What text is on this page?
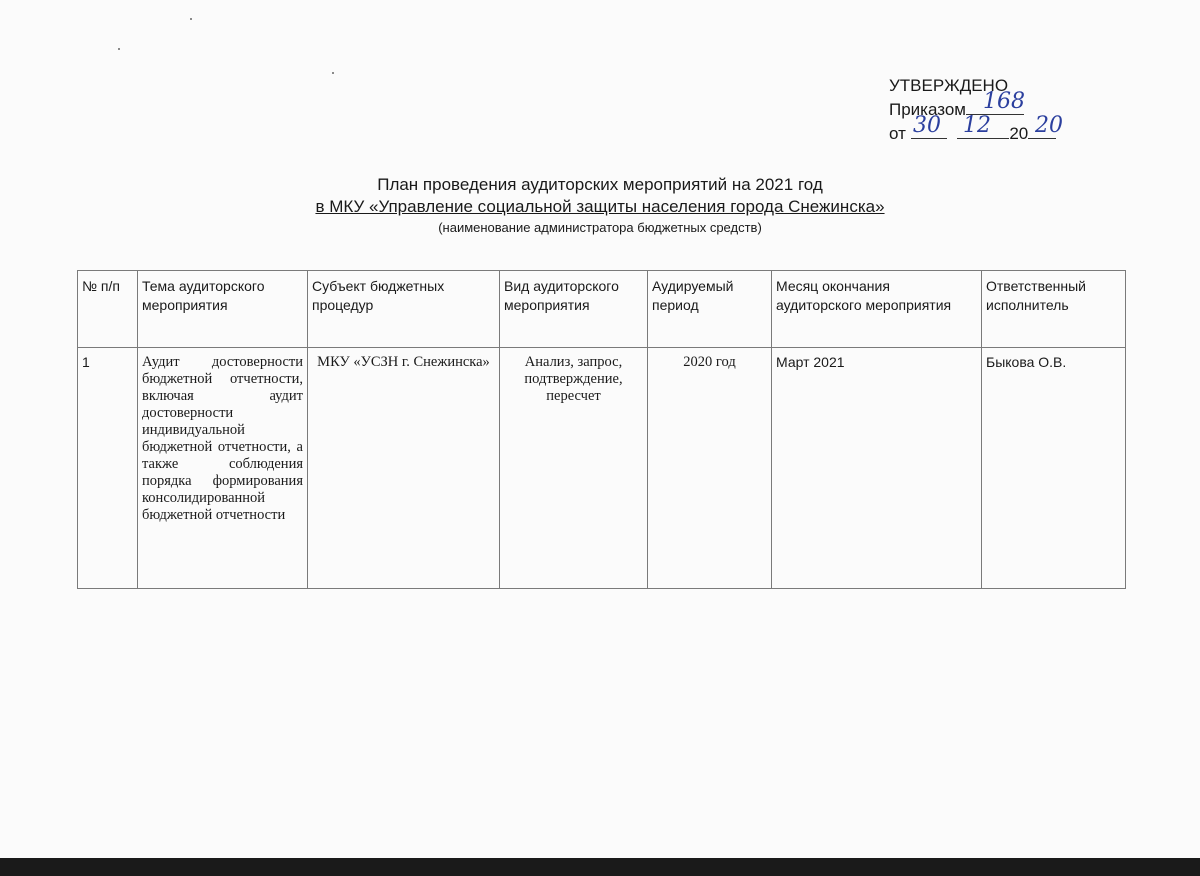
УТВЕРЖДЕНО
Приказом 168
от	20
30 12 20
План проведения аудиторских мероприятий на 2021 год
в МКУ «Управление социальной защиты населения города Снежинска»
(наименование администратора бюджетных средств)
№ п/п	Тема аудиторского мероприятия	Субъект бюджетных процедур	Вид аудиторского мероприятия	Аудируемый период	Месяц окончания аудиторского мероприятия	Ответственный исполнитель
1	Аудит достоверности бюджетной отчетности, включая аудит достоверности индивидуальной бюджетной отчетности, а также соблюдения порядка формирования консолидированной бюджетной отчетности	МКУ «УСЗН г. Снежинска»	Анализ, запрос, подтверждение, пересчет	2020 год	Март 2021	Быкова О.В.
